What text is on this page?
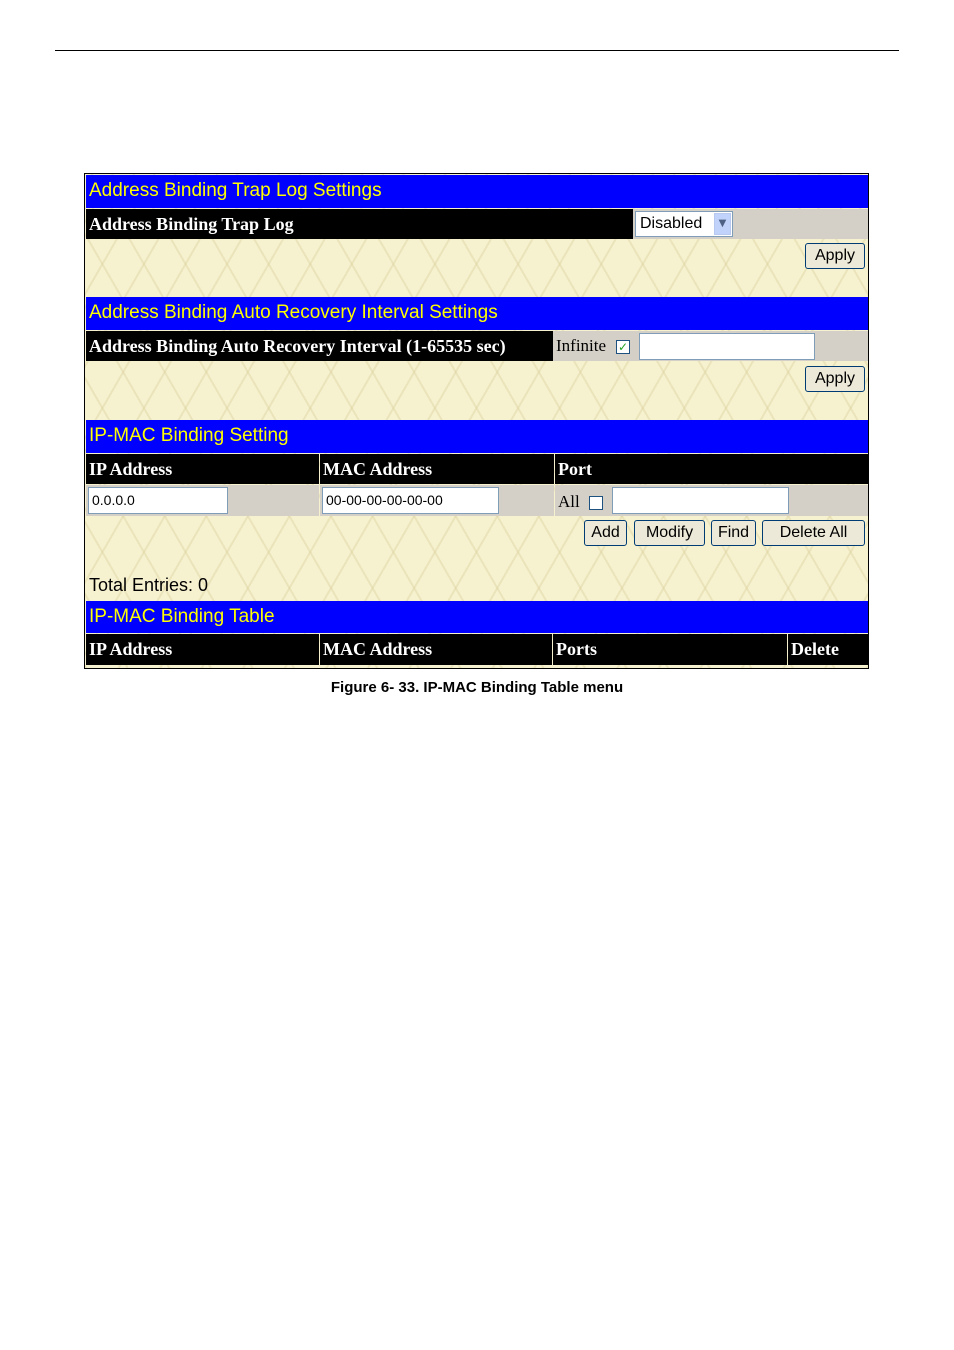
Address Binding Trap Log Settings
Address Binding Trap Log	Disabled	▼
Apply
Address Binding Auto Recovery Interval Settings
Address Binding Auto Recovery Interval (1-65535 sec)	Infinite ✓
Apply
IP-MAC Binding Setting
IP Address	MAC Address	Port
0.0.0.0	00-00-00-00-00-00	All
Add	Modify	Find	Delete All
Total Entries: 0
IP-MAC Binding Table
IP Address	MAC Address	Ports	Delete
Figure 6- 33. IP-MAC Binding Table menu
